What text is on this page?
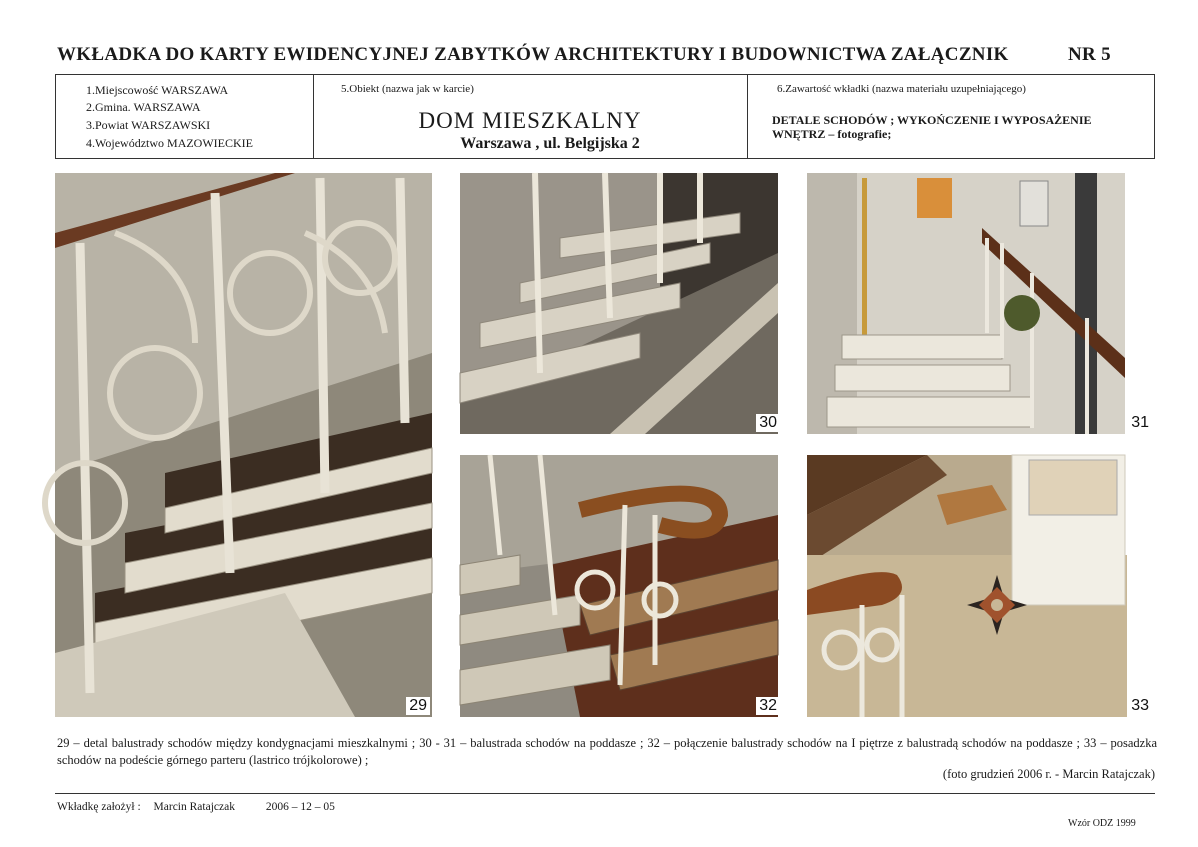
WKŁADKA DO KARTY EWIDENCYJNEJ ZABYTKÓW ARCHITEKTURY I BUDOWNICTWA ZAŁĄCZNIK	NR 5
1.Miejscowość WARSZAWA
2.Gmina. WARSZAWA
3.Powiat WARSZAWSKI
4.Województwo MAZOWIECKIE
5.Obiekt (nazwa jak w karcie)
DOM MIESZKALNY
Warszawa , ul. Belgijska 2
6.Zawartość wkładki (nazwa materiału uzupełniającego)
DETALE SCHODÓW ; WYKOŃCZENIE I WYPOSAŻENIE WNĘTRZ – fotografie;
29
30	31
32	33
29 – detal balustrady schodów między kondygnacjami mieszkalnymi ; 30 - 31 – balustrada schodów na poddasze ; 32 – połączenie balustrady schodów na I piętrze z balustradą schodów na poddasze ; 33 – posadzka schodów na podeście górnego parteru (lastrico trójkolorowe) ;
(foto grudzień 2006 r. - Marcin Ratajczak)
Wkładkę założył : Marcin Ratajczak	2006 – 12 – 05
Wzór ODZ 1999
